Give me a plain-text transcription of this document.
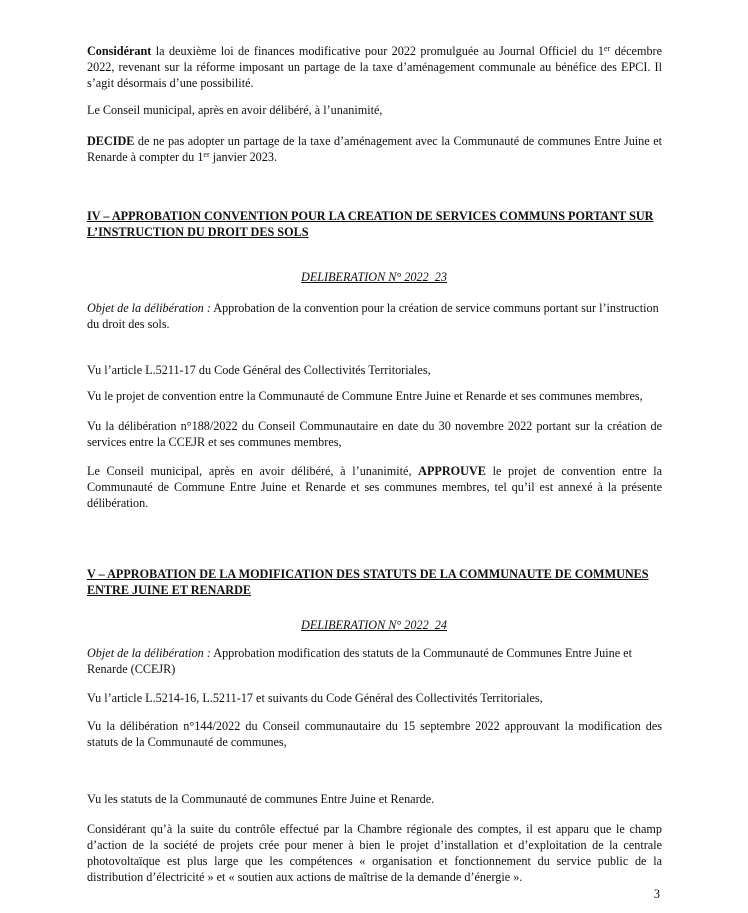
Considérant la deuxième loi de finances modificative pour 2022 promulguée au Journal Officiel du 1er décembre 2022, revenant sur la réforme imposant un partage de la taxe d’aménagement communale au bénéfice des EPCI. Il s’agit désormais d’une possibilité.

Le Conseil municipal, après en avoir délibéré, à l’unanimité,

DECIDE de ne pas adopter un partage de la taxe d’aménagement avec la Communauté de communes Entre Juine et Renarde à compter du 1er janvier 2023.

IV – APPROBATION CONVENTION POUR LA CREATION DE SERVICES COMMUNS PORTANT SUR L’INSTRUCTION DU DROIT DES SOLS

DELIBERATION N° 2022_23

Objet de la délibération : Approbation de la convention pour la création de service communs portant sur l’instruction du droit des sols.

Vu l’article L.5211-17 du Code Général des Collectivités Territoriales,

Vu le projet de convention entre la Communauté de Commune Entre Juine et Renarde et ses communes membres,

Vu la délibération n°188/2022 du Conseil Communautaire en date du 30 novembre 2022 portant sur la création de services entre la CCEJR et ses communes membres,

Le Conseil municipal, après en avoir délibéré, à l’unanimité, APPROUVE le projet de convention entre la Communauté de Commune Entre Juine et Renarde et ses communes membres, tel qu’il est annexé à la présente délibération.

V – APPROBATION DE LA MODIFICATION DES STATUTS DE LA COMMUNAUTE DE COMMUNES ENTRE JUINE ET RENARDE

DELIBERATION N° 2022_24

Objet de la délibération : Approbation modification des statuts de la Communauté de Communes Entre Juine et Renarde (CCEJR)

Vu l’article L.5214-16, L.5211-17 et suivants du Code Général des Collectivités Territoriales,

Vu la délibération n°144/2022 du Conseil communautaire du 15 septembre 2022 approuvant la modification des statuts de la Communauté de communes,

Vu les statuts de la Communauté de communes Entre Juine et Renarde.

Considérant qu’à la suite du contrôle effectué par la Chambre régionale des comptes, il est apparu que le champ d’action de la société de projets crée pour mener à bien le projet d’installation et d’exploitation de la centrale photovoltaïque est plus large que les compétences « organisation et fonctionnement du service public de la distribution d’électricité » et « soutien aux actions de maîtrise de la demande d’énergie ».

3
